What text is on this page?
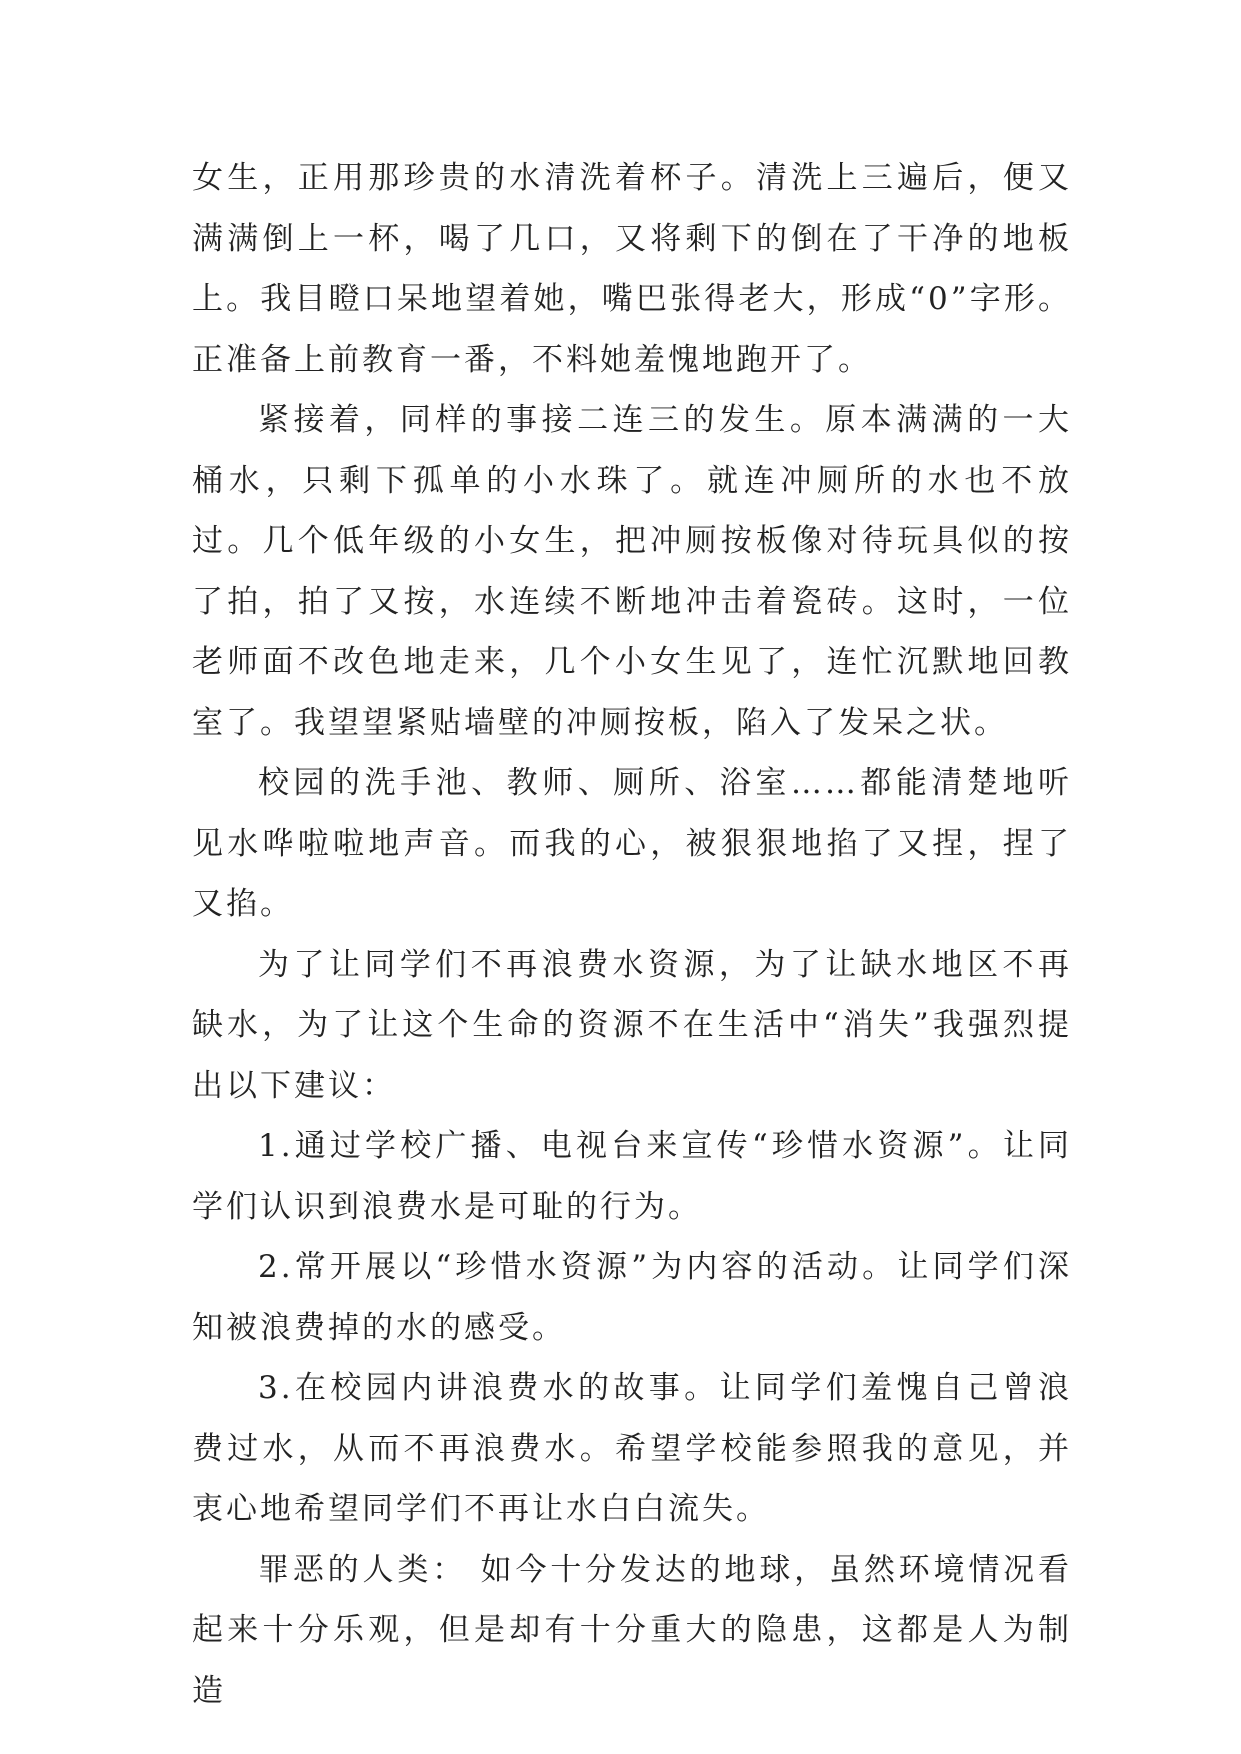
女生，正用那珍贵的水清洗着杯子。清洗上三遍后，便又满满倒上一杯，喝了几口，又将剩下的倒在了干净的地板上。我目瞪口呆地望着她，嘴巴张得老大，形成“0”字形。正准备上前教育一番，不料她羞愧地跑开了。

紧接着，同样的事接二连三的发生。原本满满的一大桶水，只剩下孤单的小水珠了。就连冲厕所的水也不放过。几个低年级的小女生，把冲厕按板像对待玩具似的按了拍，拍了又按，水连续不断地冲击着瓷砖。这时，一位老师面不改色地走来，几个小女生见了，连忙沉默地回教室了。我望望紧贴墙壁的冲厕按板，陷入了发呆之状。

校园的洗手池、教师、厕所、浴室……都能清楚地听见水哗啦啦地声音。而我的心，被狠狠地掐了又捏，捏了又掐。

为了让同学们不再浪费水资源，为了让缺水地区不再缺水，为了让这个生命的资源不在生活中“消失”我强烈提出以下建议：

1.通过学校广播、电视台来宣传“珍惜水资源”。让同学们认识到浪费水是可耻的行为。

2.常开展以“珍惜水资源”为内容的活动。让同学们深知被浪费掉的水的感受。

3.在校园内讲浪费水的故事。让同学们羞愧自己曾浪费过水，从而不再浪费水。希望学校能参照我的意见，并衷心地希望同学们不再让水白白流失。

罪恶的人类： 如今十分发达的地球，虽然环境情况看起来十分乐观，但是却有十分重大的隐患，这都是人为制造
